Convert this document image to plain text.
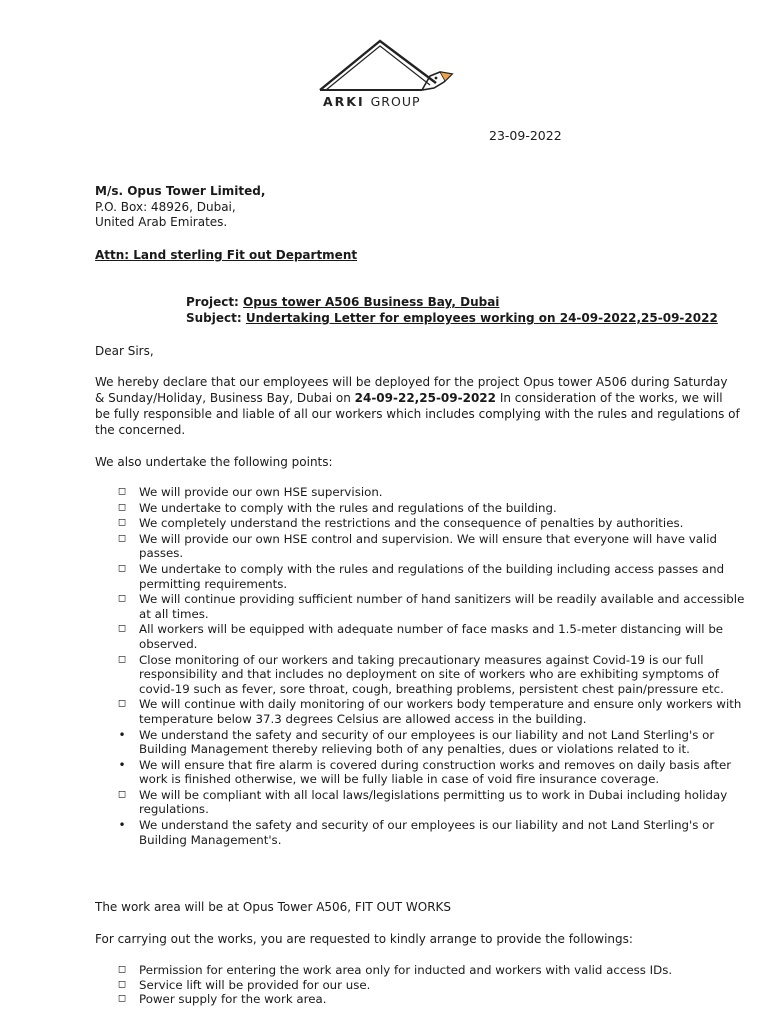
ARKI GROUP
23-09-2022
M/s. Opus Tower Limited,
P.O. Box: 48926, Dubai,
United Arab Emirates.
Attn: Land sterling Fit out Department
Project: Opus tower A506 Business Bay, Dubai
Subject: Undertaking Letter for employees working on 24-09-2022,25-09-2022
Dear Sirs,
We hereby declare that our employees will be deployed for the project Opus tower A506 during Saturday & Sunday/Holiday, Business Bay, Dubai on 24-09-22,25-09-2022 In consideration of the works, we will be fully responsible and liable of all our workers which includes complying with the rules and regulations of the concerned.
We also undertake the following points:
◻ We will provide our own HSE supervision.
◻ We undertake to comply with the rules and regulations of the building.
◻ We completely understand the restrictions and the consequence of penalties by authorities.
◻ We will provide our own HSE control and supervision. We will ensure that everyone will have valid passes.
◻ We undertake to comply with the rules and regulations of the building including access passes and permitting requirements.
◻ We will continue providing sufficient number of hand sanitizers will be readily available and accessible at all times.
◻ All workers will be equipped with adequate number of face masks and 1.5-meter distancing will be observed.
◻ Close monitoring of our workers and taking precautionary measures against Covid-19 is our full responsibility and that includes no deployment on site of workers who are exhibiting symptoms of covid-19 such as fever, sore throat, cough, breathing problems, persistent chest pain/pressure etc.
◻ We will continue with daily monitoring of our workers body temperature and ensure only workers with temperature below 37.3 degrees Celsius are allowed access in the building.
• We understand the safety and security of our employees is our liability and not Land Sterling's or Building Management thereby relieving both of any penalties, dues or violations related to it.
• We will ensure that fire alarm is covered during construction works and removes on daily basis after work is finished otherwise, we will be fully liable in case of void fire insurance coverage.
◻ We will be compliant with all local laws/legislations permitting us to work in Dubai including holiday regulations.
• We understand the safety and security of our employees is our liability and not Land Sterling's or Building Management's.
The work area will be at Opus Tower A506, FIT OUT WORKS
For carrying out the works, you are requested to kindly arrange to provide the followings:
◻ Permission for entering the work area only for inducted and workers with valid access IDs.
◻ Service lift will be provided for our use.
◻ Power supply for the work area.
